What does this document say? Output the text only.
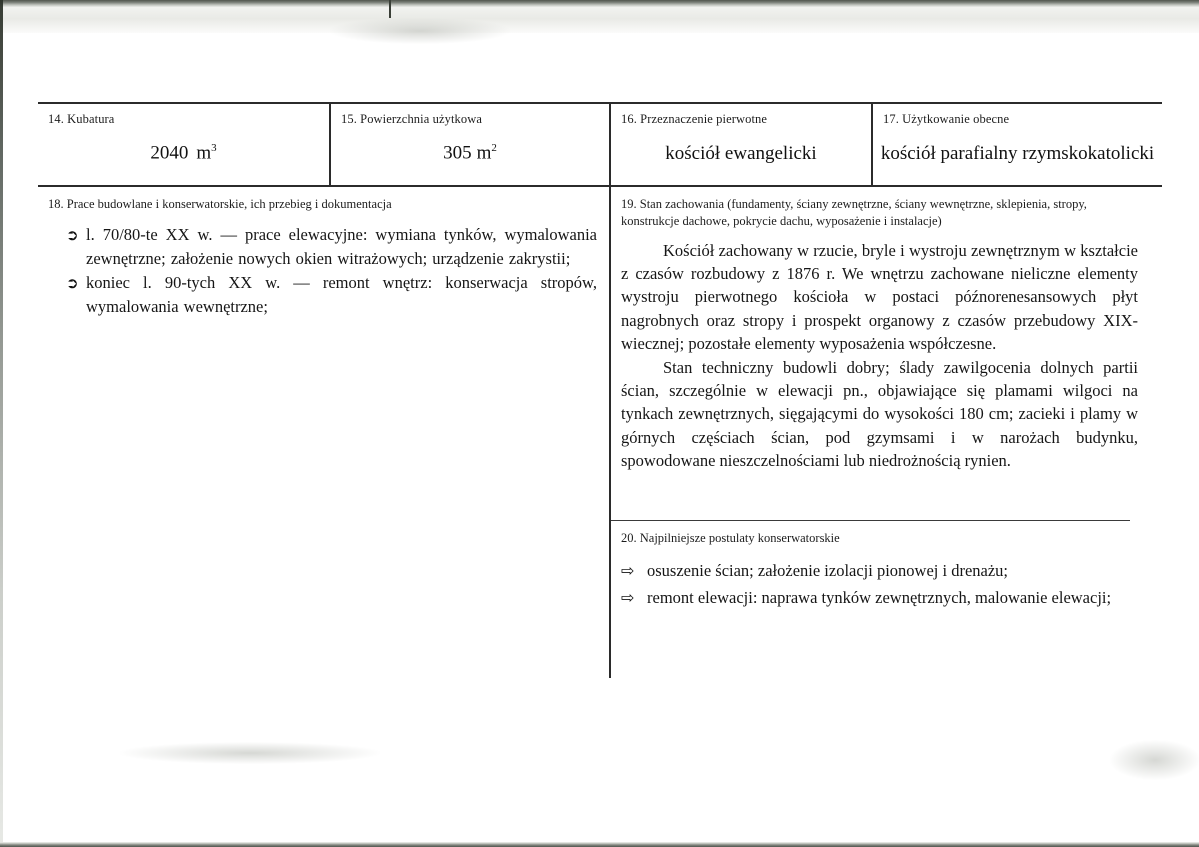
14. Kubatura
2040 $m^3$
15. Powierzchnia użytkowa
305 $m^2$
16. Przeznaczenie pierwotne
kościół ewangelicki
17. Użytkowanie obecne
kościół parafialny rzymskokatolicki
18. Prace budowlane i konserwatorskie, ich przebieg i dokumentacja
➲ l. 70/80-te XX w. — prace elewacyjne: wymiana tynków, wymalowania zewnętrzne; założenie nowych okien witrażowych; urządzenie zakrystii;
➲ koniec l. 90-tych XX w. — remont wnętrz: konserwacja stropów, wymalowania wewnętrzne;
19. Stan zachowania (fundamenty, ściany zewnętrzne, ściany wewnętrzne, sklepienia, stropy, konstrukcje dachowe, pokrycie dachu, wyposażenie i instalacje)

Kościół zachowany w rzucie, bryle i wystroju zewnętrznym w kształcie z czasów rozbudowy z 1876 r. We wnętrzu zachowane nieliczne elementy wystroju pierwotnego kościoła w postaci późnorenesansowych płyt nagrobnych oraz stropy i prospekt organowy z czasów przebudowy XIX-wiecznej; pozostałe elementy wyposażenia współczesne.

Stan techniczny budowli dobry; ślady zawilgocenia dolnych partii ścian, szczególnie w elewacji pn., objawiające się plamami wilgoci na tynkach zewnętrznych, sięgającymi do wysokości 180 cm; zacieki i plamy w górnych częściach ścian, pod gzymsami i w narożach budynku, spowodowane nieszczelnościami lub niedrożnością rynien.

20. Najpilniejsze postulaty konserwatorskie
⇨ osuszenie ścian; założenie izolacji pionowej i drenażu;
⇨ remont elewacji: naprawa tynków zewnętrznych, malowanie elewacji;
